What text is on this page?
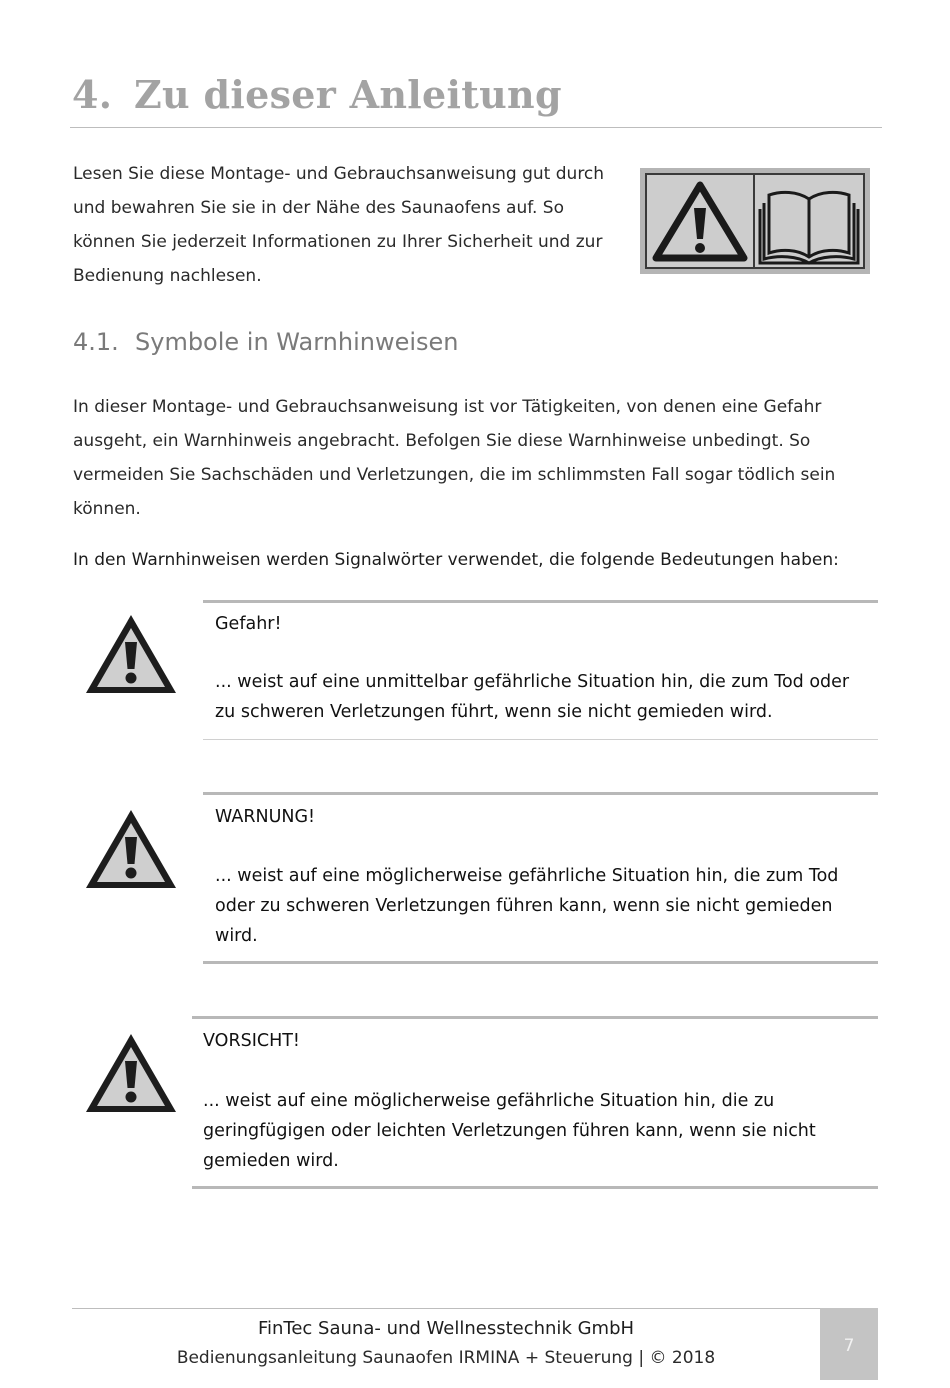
4. Zu dieser Anleitung

Lesen Sie diese Montage- und Gebrauchsanweisung gut durch und bewahren Sie sie in der Nähe des Saunaofens auf. So können Sie jederzeit Informationen zu Ihrer Sicherheit und zur Bedienung nachlesen.

4.1. Symbole in Warnhinweisen

In dieser Montage- und Gebrauchsanweisung ist vor Tätigkeiten, von denen eine Gefahr ausgeht, ein Warnhinweis angebracht. Befolgen Sie diese Warnhinweise unbedingt. So vermeiden Sie Sachschäden und Verletzungen, die im schlimmsten Fall sogar tödlich sein können.

In den Warnhinweisen werden Signalwörter verwendet, die folgende Bedeutungen haben:

Gefahr!

... weist auf eine unmittelbar gefährliche Situation hin, die zum Tod oder zu schweren Verletzungen führt, wenn sie nicht gemieden wird.

WARNUNG!

... weist auf eine möglicherweise gefährliche Situation hin, die zum Tod oder zu schweren Verletzungen führen kann, wenn sie nicht gemieden wird.

VORSICHT!

... weist auf eine möglicherweise gefährliche Situation hin, die zu geringfügigen oder leichten Verletzungen führen kann, wenn sie nicht gemieden wird.

FinTec Sauna- und Wellnesstechnik GmbH

Bedienungsanleitung Saunaofen IRMINA + Steuerung | © 2018

7
